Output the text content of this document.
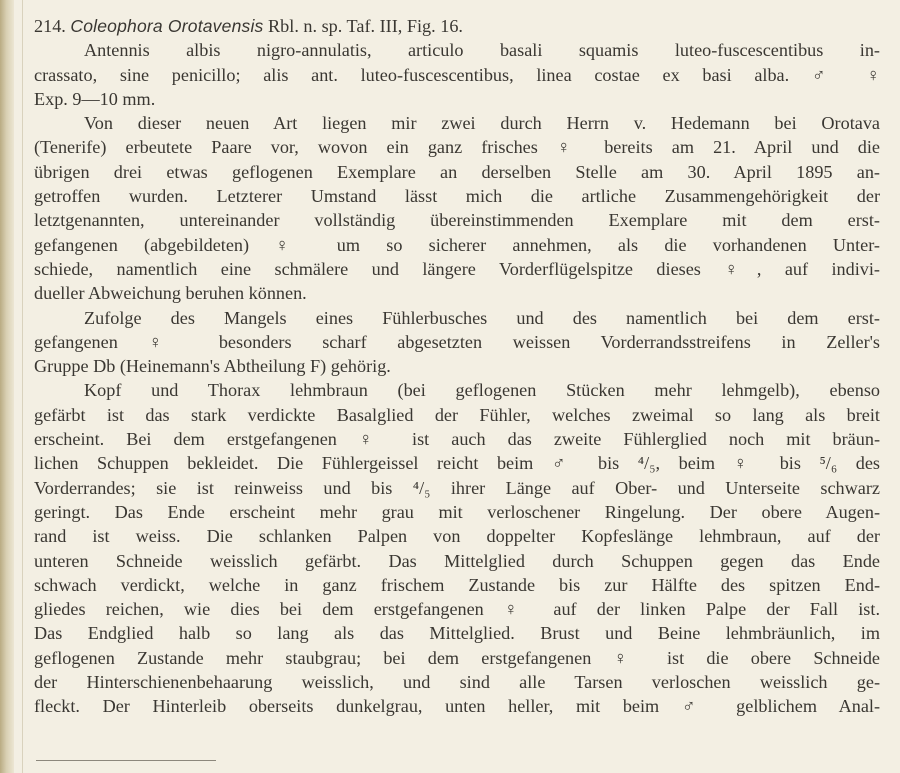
214. Coleophora Orotavensis Rbl. n. sp. Taf. III, Fig. 16.
Antennis albis nigro-annulatis, articulo basali squamis luteo-fuscescentibus in-
crassato, sine penicillo; alis ant. luteo-fuscescentibus, linea costae ex basi alba. ♂ ♀
Exp. 9—10 mm.
Von dieser neuen Art liegen mir zwei durch Herrn v. Hedemann bei Orotava
(Tenerife) erbeutete Paare vor, wovon ein ganz frisches ♀ bereits am 21. April und die
übrigen drei etwas geflogenen Exemplare an derselben Stelle am 30. April 1895 an-
getroffen wurden. Letzterer Umstand lässt mich die artliche Zusammengehörigkeit der
letztgenannten, untereinander vollständig übereinstimmenden Exemplare mit dem erst-
gefangenen (abgebildeten) ♀ um so sicherer annehmen, als die vorhandenen Unter-
schiede, namentlich eine schmälere und längere Vorderflügelspitze dieses ♀, auf indivi-
dueller Abweichung beruhen können.
Zufolge des Mangels eines Fühlerbusches und des namentlich bei dem erst-
gefangenen ♀ besonders scharf abgesetzten weissen Vorderrandsstreifens in Zeller's
Gruppe Db (Heinemann's Abtheilung F) gehörig.
Kopf und Thorax lehmbraun (bei geflogenen Stücken mehr lehmgelb), ebenso
gefärbt ist das stark verdickte Basalglied der Fühler, welches zweimal so lang als breit
erscheint. Bei dem erstgefangenen ♀ ist auch das zweite Fühlerglied noch mit bräun-
lichen Schuppen bekleidet. Die Fühlergeissel reicht beim ♂ bis ⁴/₅, beim ♀ bis ⁵/₆ des
Vorderrandes; sie ist reinweiss und bis ⁴/₅ ihrer Länge auf Ober- und Unterseite schwarz
geringt. Das Ende erscheint mehr grau mit verloschener Ringelung. Der obere Augen-
rand ist weiss. Die schlanken Palpen von doppelter Kopfeslänge lehmbraun, auf der
unteren Schneide weisslich gefärbt. Das Mittelglied durch Schuppen gegen das Ende
schwach verdickt, welche in ganz frischem Zustande bis zur Hälfte des spitzen End-
gliedes reichen, wie dies bei dem erstgefangenen ♀ auf der linken Palpe der Fall ist.
Das Endglied halb so lang als das Mittelglied. Brust und Beine lehmbräunlich, im
geflogenen Zustande mehr staubgrau; bei dem erstgefangenen ♀ ist die obere Schneide
der Hinterschienenbehaarung weisslich, und sind alle Tarsen verloschen weisslich ge-
fleckt. Der Hinterleib oberseits dunkelgrau, unten heller, mit beim ♂ gelblichem Anal-
